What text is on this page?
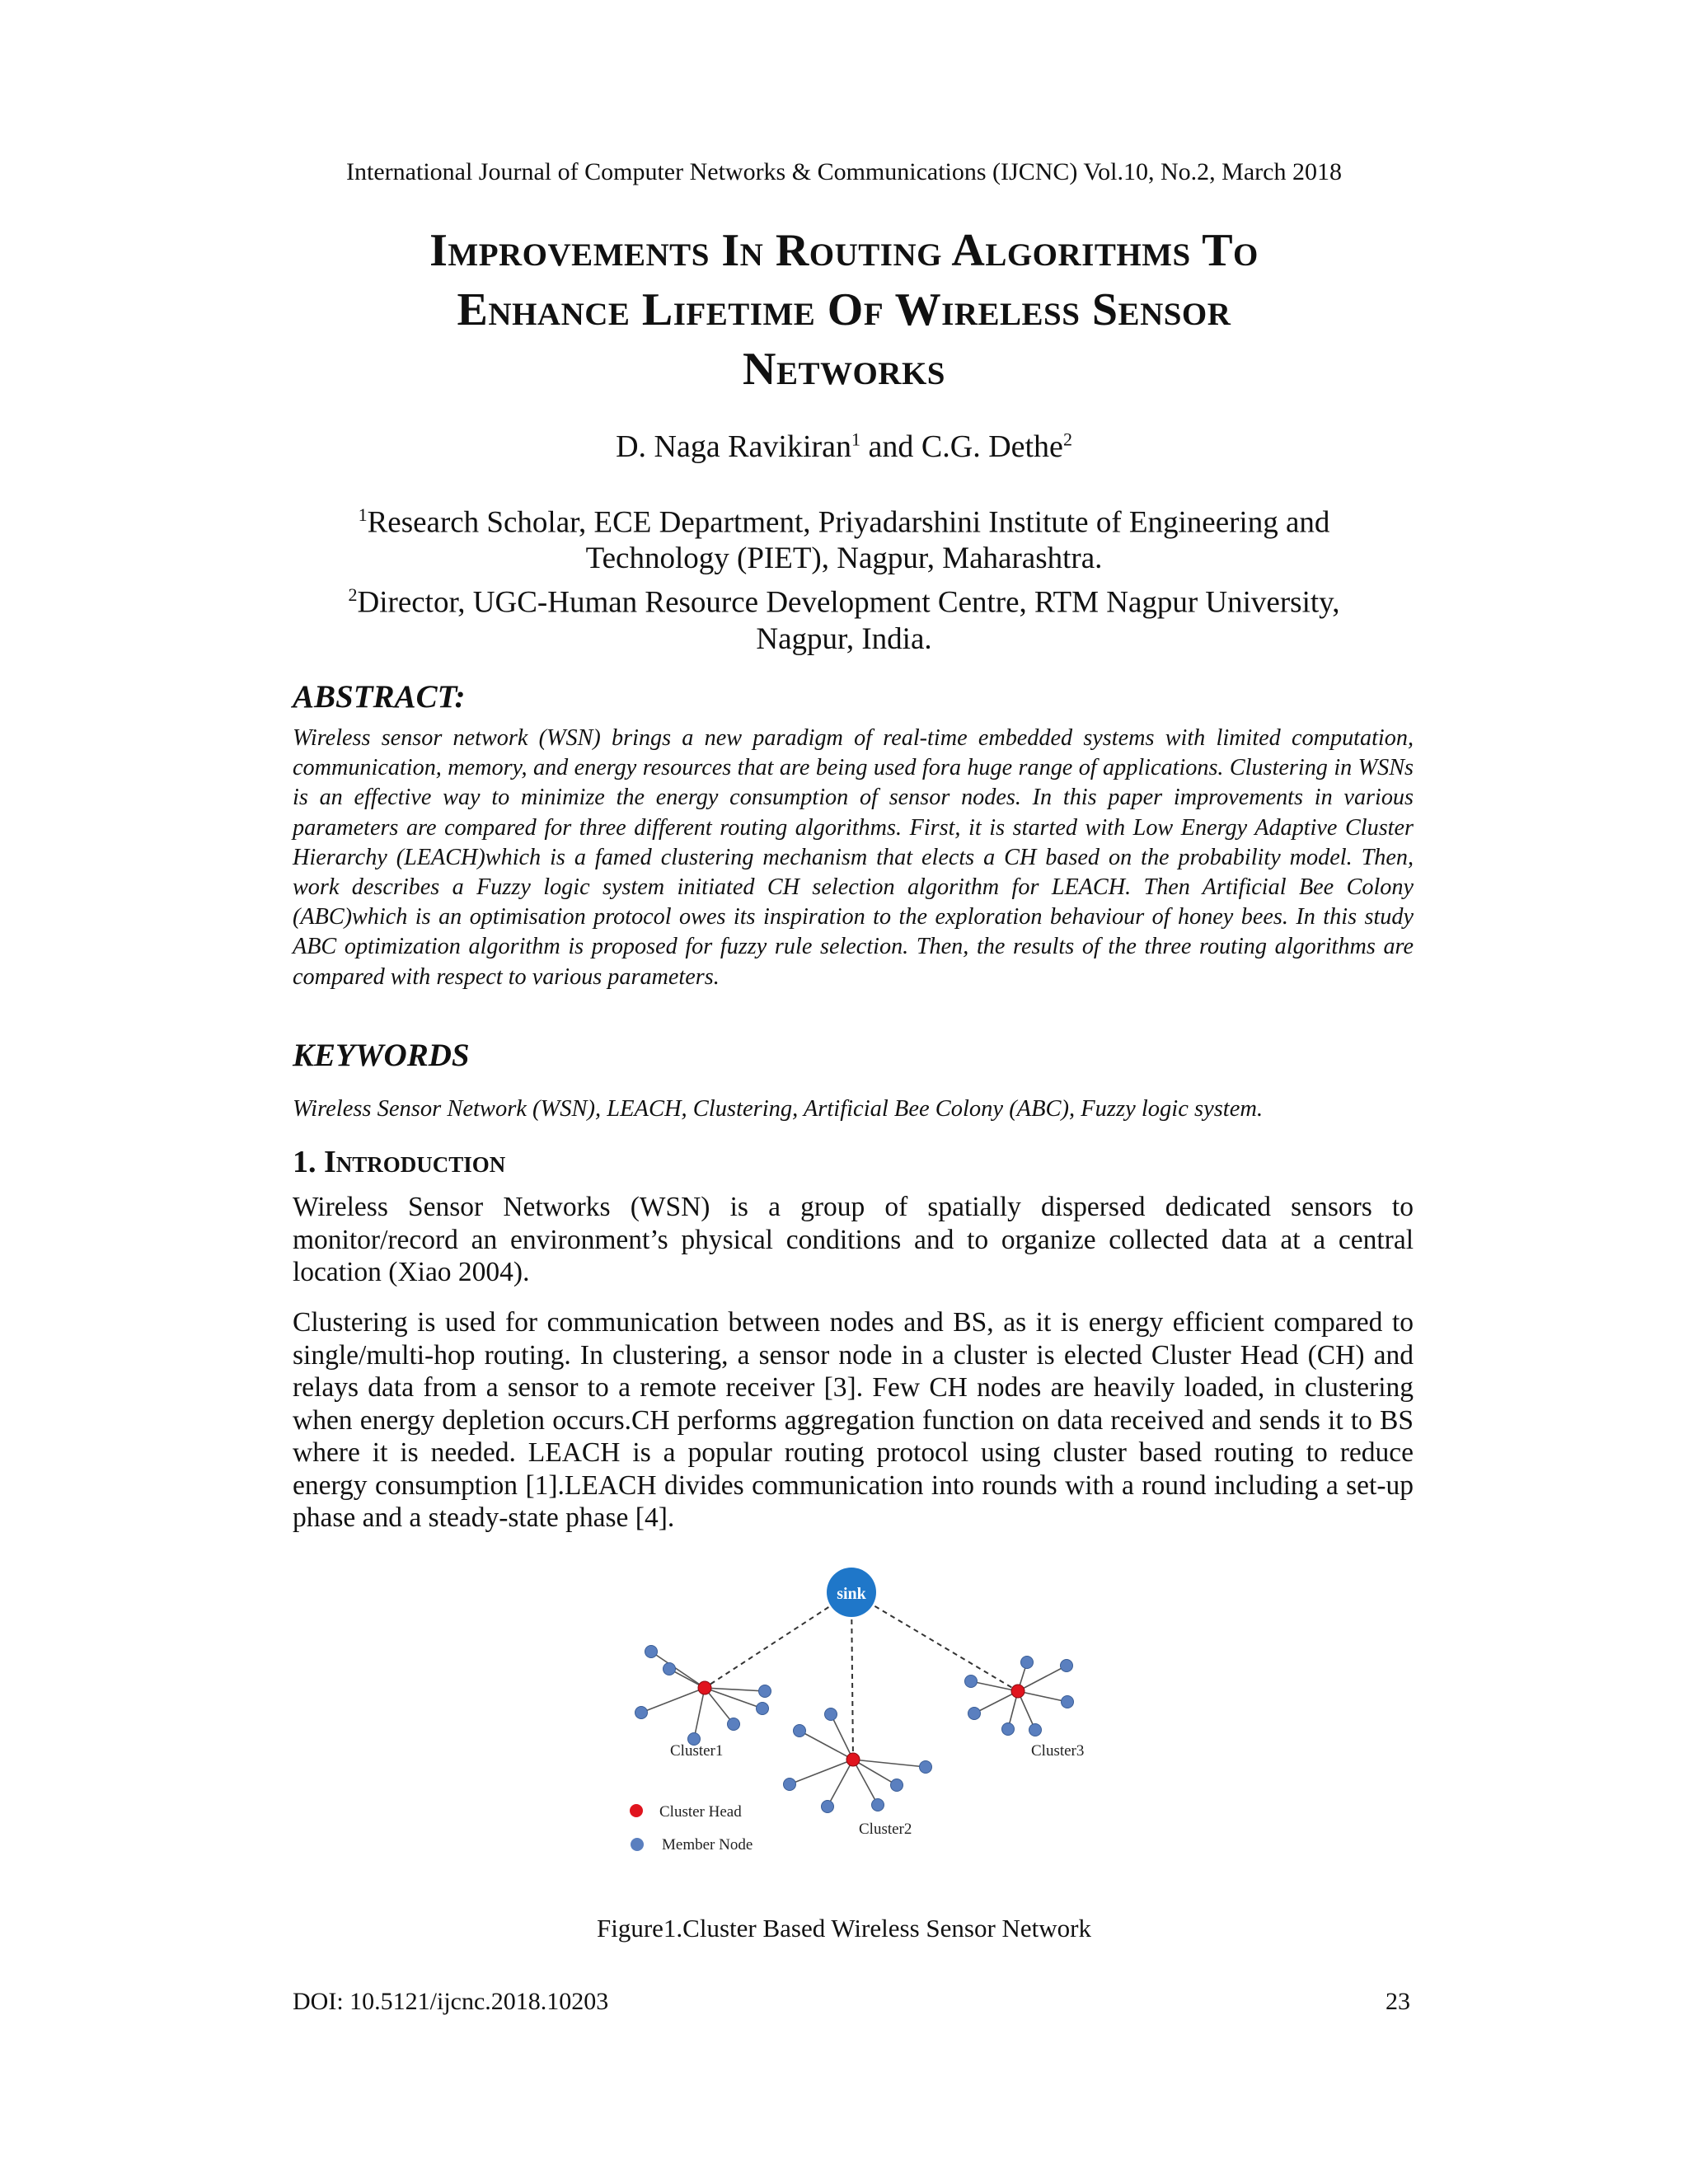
International Journal of Computer Networks & Communications (IJCNC) Vol.10, No.2, March 2018
Improvements In Routing Algorithms To
Enhance Lifetime Of Wireless Sensor
Networks
D. Naga Ravikiran$^1$ and C.G. Dethe$^2$
$^1$Research Scholar, ECE Department, Priyadarshini Institute of Engineering and
Technology (PIET), Nagpur, Maharashtra.
$^2$Director, UGC-Human Resource Development Centre, RTM Nagpur University,
Nagpur, India.
ABSTRACT:
Wireless sensor network (WSN) brings a new paradigm of real-time embedded systems with limited computation, communication, memory, and energy resources that are being used fora huge range of applications. Clustering in WSNs is an effective way to minimize the energy consumption of sensor nodes. In this paper improvements in various parameters are compared for three different routing algorithms. First, it is started with Low Energy Adaptive Cluster Hierarchy (LEACH)which is a famed clustering mechanism that elects a CH based on the probability model. Then, work describes a Fuzzy logic system initiated CH selection algorithm for LEACH. Then Artificial Bee Colony (ABC)which is an optimisation protocol owes its inspiration to the exploration behaviour of honey bees. In this study ABC optimization algorithm is proposed for fuzzy rule selection. Then, the results of the three routing algorithms are compared with respect to various parameters.
KEYWORDS
Wireless Sensor Network (WSN), LEACH, Clustering, Artificial Bee Colony (ABC), Fuzzy logic system.
1. Introduction
Wireless Sensor Networks (WSN) is a group of spatially dispersed dedicated sensors to monitor/record an environment’s physical conditions and to organize collected data at a central location (Xiao 2004).
Clustering is used for communication between nodes and BS, as it is energy efficient compared to single/multi-hop routing. In clustering, a sensor node in a cluster is elected Cluster Head (CH) and relays data from a sensor to a remote receiver [3]. Few CH nodes are heavily loaded, in clustering when energy depletion occurs.CH performs aggregation function on data received and sends it to BS where it is needed. LEACH is a popular routing protocol using cluster based routing to reduce energy consumption [1].LEACH divides communication into rounds with a round including a set-up phase and a steady-state phase [4].
sink
Cluster1
Cluster2
Cluster3
Cluster Head
Member Node
Figure1.Cluster Based Wireless Sensor Network
DOI: 10.5121/ijcnc.2018.10203	23
